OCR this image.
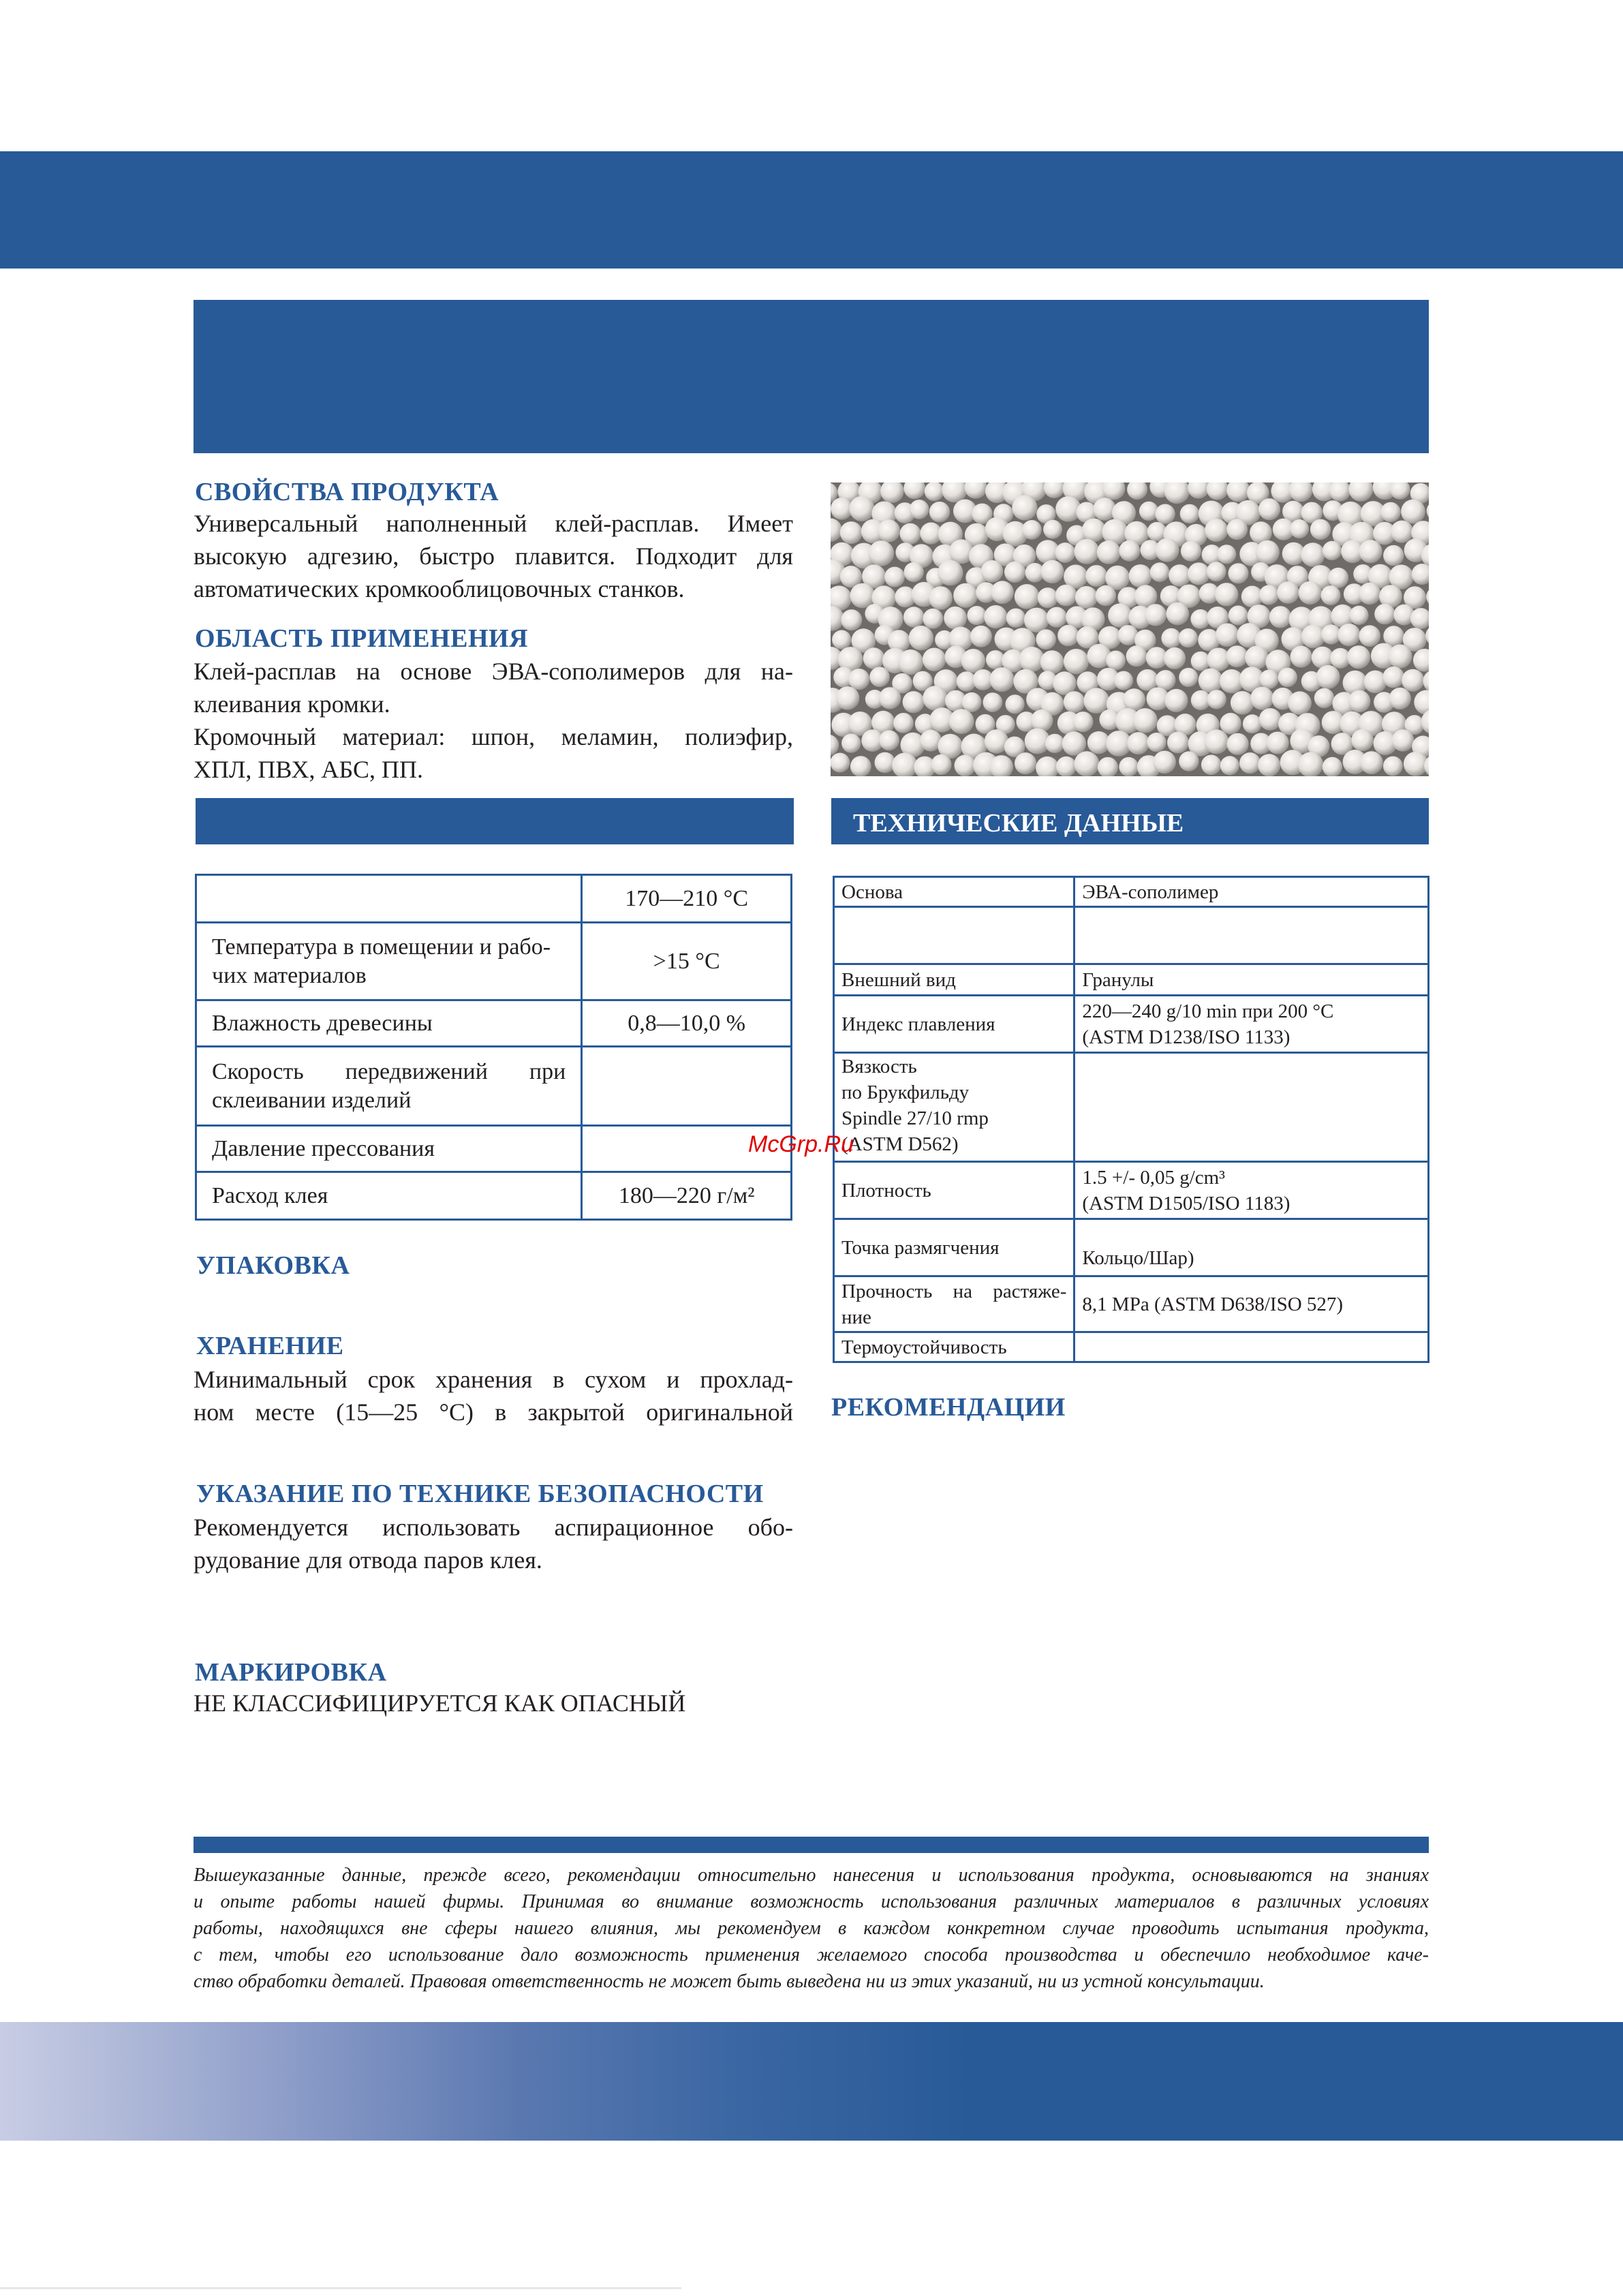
СВОЙСТВА ПРОДУКТА
Универсальный наполненный клей-расплав. Имеет
высокую адгезию, быстро плавится. Подходит для
автоматических кромкооблицовочных станков.
ОБЛАСТЬ ПРИМЕНЕНИЯ
Клей-расплав на основе ЭВА-сополимеров для на-
клеивания кромки.
Кромочный материал: шпон, меламин, полиэфир,
ХПЛ, ПВХ, АБС, ПП.
	170—210 °C

Температура в помещении и рабо-
чих материалов	>15 °C
Влажность древесины	0,8—10,0 %

Скорость передвижений при
склеивании изделий	

Давление прессования	
Расход клея	180—220 г/м²
УПАКОВКА
ХРАНЕНИЕ
Минимальный срок хранения в сухом и прохлад-
ном месте (15—25 °C) в закрытой оригинальной
УКАЗАНИЕ ПО ТЕХНИКЕ БЕЗОПАСНОСТИ
Рекомендуется использовать аспирационное обо-
рудование для отвода паров клея.
МАРКИРОВКА
НЕ КЛАССИФИЦИРУЕТСЯ КАК ОПАСНЫЙ
ТЕХНИЧЕСКИЕ ДАННЫЕ
Основа	ЭВА-сополимер

Внешний вид	Гранулы
Индекс плавления	220—240 g/10 min при 200 °C
(ASTM D1238/ISO 1133)

Вязкость
по Брукфильду
Spindle 27/10 rmp
(ASTM D562)	

Плотность	1.5 +/- 0,05 g/cm³
(ASTM D1505/ISO 1183)

Точка размягчения	Кольцо/Шар)

Прочность на растяже-
ние	8,1 MPa (ASTM D638/ISO 527)
Термоустойчивость	
РЕКОМЕНДАЦИИ
McGrp.Ru
Вышеуказанные данные, прежде всего, рекомендации относительно нанесения и использования продукта, основываются на знаниях
и опыте работы нашей фирмы. Принимая во внимание возможность использования различных материалов в различных условиях
работы, находящихся вне сферы нашего влияния, мы рекомендуем в каждом конкретном случае проводить испытания продукта,
с тем, чтобы его использование дало возможность применения желаемого способа производства и обеспечило необходимое каче-
ство обработки деталей. Правовая ответственность не может быть выведена ни из этих указаний, ни из устной консультации.
